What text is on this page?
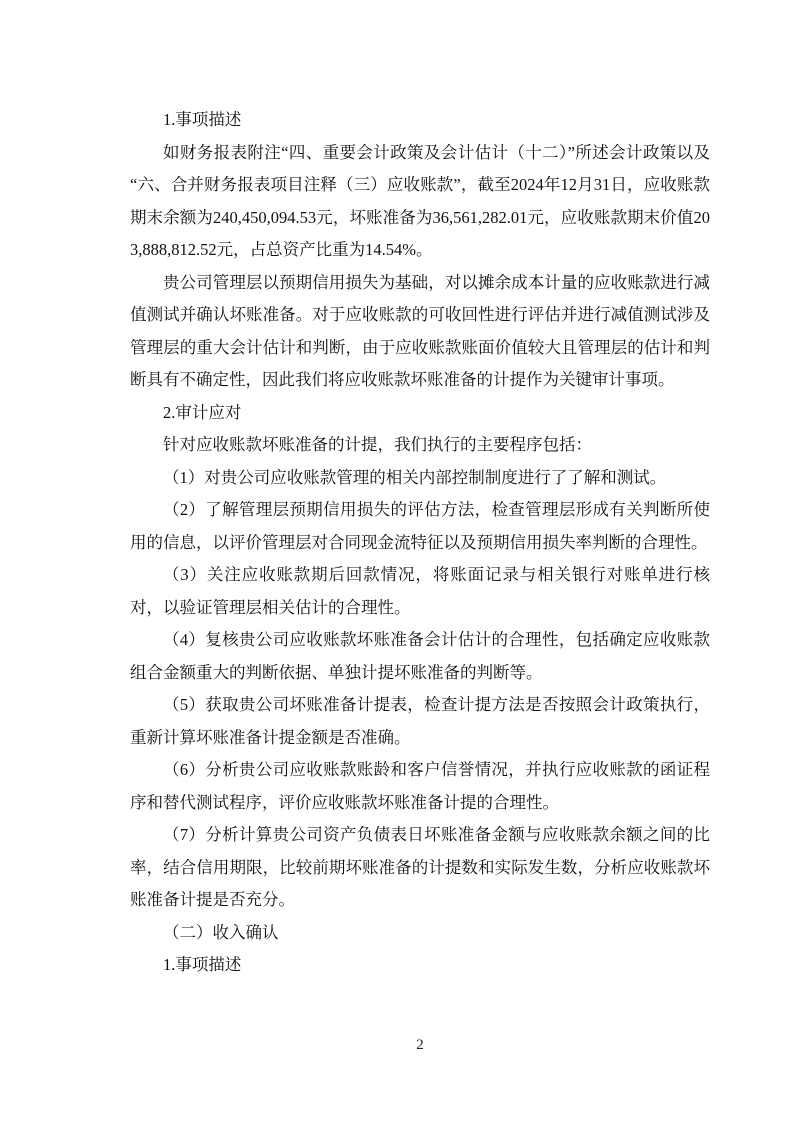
1.事项描述

如财务报表附注“四、重要会计政策及会计估计（十二）”所述会计政策以及“六、合并财务报表项目注释（三）应收账款”，截至2024年12月31日，应收账款期末余额为240,450,094.53元，坏账准备为36,561,282.01元，应收账款期末价值203,888,812.52元，占总资产比重为14.54%。

贵公司管理层以预期信用损失为基础，对以摊余成本计量的应收账款进行减值测试并确认坏账准备。对于应收账款的可收回性进行评估并进行减值测试涉及管理层的重大会计估计和判断，由于应收账款账面价值较大且管理层的估计和判断具有不确定性，因此我们将应收账款坏账准备的计提作为关键审计事项。

2.审计应对

针对应收账款坏账准备的计提，我们执行的主要程序包括：

（1）对贵公司应收账款管理的相关内部控制制度进行了了解和测试。

（2）了解管理层预期信用损失的评估方法，检查管理层形成有关判断所使用的信息，以评价管理层对合同现金流特征以及预期信用损失率判断的合理性。

（3）关注应收账款期后回款情况，将账面记录与相关银行对账单进行核对，以验证管理层相关估计的合理性。

（4）复核贵公司应收账款坏账准备会计估计的合理性，包括确定应收账款组合金额重大的判断依据、单独计提坏账准备的判断等。

（5）获取贵公司坏账准备计提表，检查计提方法是否按照会计政策执行，重新计算坏账准备计提金额是否准确。

（6）分析贵公司应收账款账龄和客户信誉情况，并执行应收账款的函证程序和替代测试程序，评价应收账款坏账准备计提的合理性。

（7）分析计算贵公司资产负债表日坏账准备金额与应收账款余额之间的比率，结合信用期限，比较前期坏账准备的计提数和实际发生数，分析应收账款坏账准备计提是否充分。

（二）收入确认

1.事项描述

2
